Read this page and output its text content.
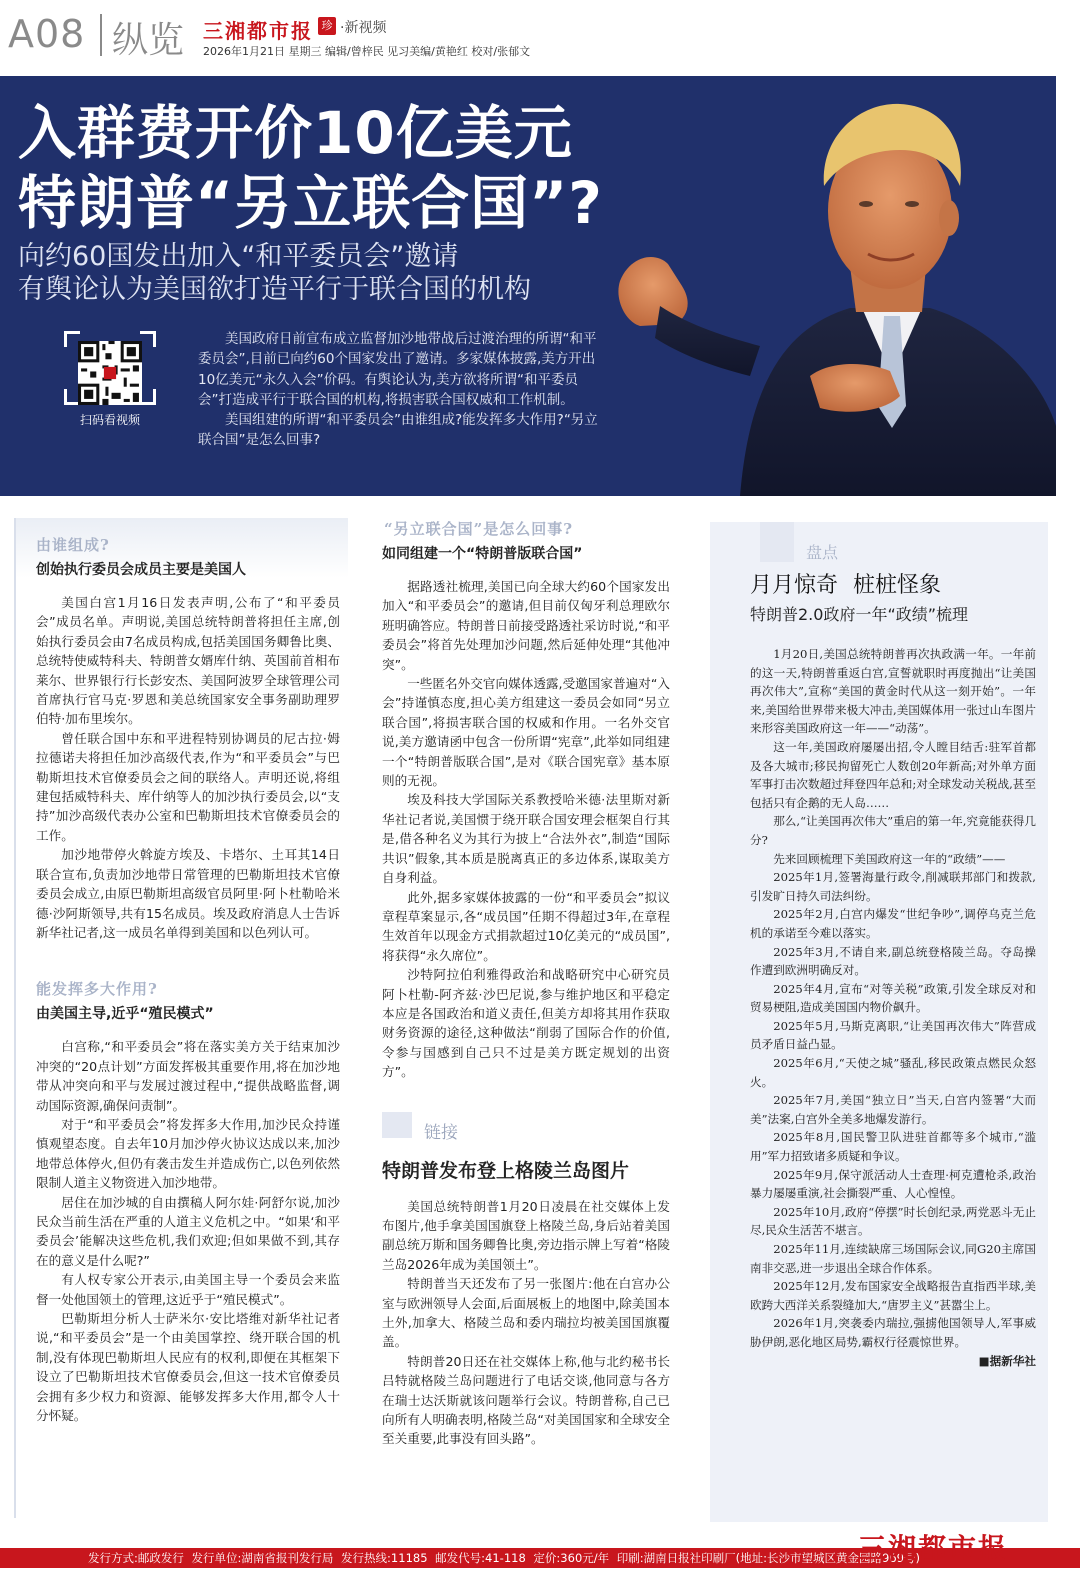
A08 纵览 三湘都市报 珍 ·新视频
2026年1月21日 星期三 编辑/曾梓民 见习美编/黄艳红 校对/张郁文
入群费开价10亿美元
特朗普“另立联合国”?
向约60国发出加入“和平委员会”邀请
有舆论认为美国欲打造平行于联合国的机构
扫码看视频

美国政府日前宣布成立监督加沙地带战后过渡治理的所谓“和平委员会”,目前已向约60个国家发出了邀请。多家媒体披露,美方开出10亿美元“永久入会”价码。有舆论认为,美方欲将所谓“和平委员会”打造成平行于联合国的机构,将损害联合国权威和工作机制。

美国组建的所谓“和平委员会”由谁组成?能发挥多大作用?“另立联合国”是怎么回事?

由谁组成?
创始执行委员会成员主要是美国人

美国白宫1月16日发表声明,公布了“和平委员会”成员名单。声明说,美国总统特朗普将担任主席,创始执行委员会由7名成员构成,包括美国国务卿鲁比奥、总统特使威特科夫、特朗普女婿库什纳、英国前首相布莱尔、世界银行行长彭安杰、美国阿波罗全球管理公司首席执行官马克·罗恩和美总统国家安全事务副助理罗伯特·加布里埃尔。

曾任联合国中东和平进程特别协调员的尼古拉·姆拉德诺夫将担任加沙高级代表,作为“和平委员会”与巴勒斯坦技术官僚委员会之间的联络人。声明还说,将组建包括威特科夫、库什纳等人的加沙执行委员会,以“支持”加沙高级代表办公室和巴勒斯坦技术官僚委员会的工作。

加沙地带停火斡旋方埃及、卡塔尔、土耳其14日联合宣布,负责加沙地带日常管理的巴勒斯坦技术官僚委员会成立,由原巴勒斯坦高级官员阿里·阿卜杜勒哈米德·沙阿斯领导,共有15名成员。埃及政府消息人士告诉新华社记者,这一成员名单得到美国和以色列认可。

能发挥多大作用?
由美国主导,近乎“殖民模式”

白宫称,“和平委员会”将在落实美方关于结束加沙冲突的“20点计划”方面发挥极其重要作用,将在加沙地带从冲突向和平与发展过渡过程中,“提供战略监督,调动国际资源,确保问责制”。

对于“和平委员会”将发挥多大作用,加沙民众持谨慎观望态度。自去年10月加沙停火协议达成以来,加沙地带总体停火,但仍有袭击发生并造成伤亡,以色列依然限制人道主义物资进入加沙地带。

居住在加沙城的自由撰稿人阿尔娃·阿舒尔说,加沙民众当前生活在严重的人道主义危机之中。“如果‘和平委员会’能解决这些危机,我们欢迎;但如果做不到,其存在的意义是什么呢?”

有人权专家公开表示,由美国主导一个委员会来监督一处他国领土的管理,这近乎于“殖民模式”。

巴勒斯坦分析人士萨米尔·安比塔维对新华社记者说,“和平委员会”是一个由美国掌控、绕开联合国的机制,没有体现巴勒斯坦人民应有的权利,即便在其框架下设立了巴勒斯坦技术官僚委员会,但这一技术官僚委员会拥有多少权力和资源、能够发挥多大作用,都令人十分怀疑。

“另立联合国”是怎么回事?
如同组建一个“特朗普版联合国”

据路透社梳理,美国已向全球大约60个国家发出加入“和平委员会”的邀请,但目前仅匈牙利总理欧尔班明确答应。特朗普日前接受路透社采访时说,“和平委员会”将首先处理加沙问题,然后延伸处理“其他冲突”。

一些匿名外交官向媒体透露,受邀国家普遍对“入会”持谨慎态度,担心美方组建这一委员会如同“另立联合国”,将损害联合国的权威和作用。一名外交官说,美方邀请函中包含一份所谓“宪章”,此举如同组建一个“特朗普版联合国”,是对《联合国宪章》基本原则的无视。

埃及科技大学国际关系教授哈米德·法里斯对新华社记者说,美国惯于绕开联合国安理会框架自行其是,借各种名义为其行为披上“合法外衣”,制造“国际共识”假象,其本质是脱离真正的多边体系,谋取美方自身利益。

此外,据多家媒体披露的一份“和平委员会”拟议章程草案显示,各“成员国”任期不得超过3年,在章程生效首年以现金方式捐款超过10亿美元的“成员国”,将获得“永久席位”。

沙特阿拉伯利雅得政治和战略研究中心研究员阿卜杜勒-阿齐兹·沙巴尼说,参与维护地区和平稳定本应是各国政治和道义责任,但美方却将其用作获取财务资源的途径,这种做法“削弱了国际合作的价值,令参与国感到自己只不过是美方既定规划的出资方”。

链接
特朗普发布登上格陵兰岛图片

美国总统特朗普1月20日凌晨在社交媒体上发布图片,他手拿美国国旗登上格陵兰岛,身后站着美国副总统万斯和国务卿鲁比奥,旁边指示牌上写着“格陵兰岛2026年成为美国领土”。

特朗普当天还发布了另一张图片:他在白宫办公室与欧洲领导人会面,后面展板上的地图中,除美国本土外,加拿大、格陵兰岛和委内瑞拉均被美国国旗覆盖。

特朗普20日还在社交媒体上称,他与北约秘书长吕特就格陵兰岛问题进行了电话交谈,他同意与各方在瑞士达沃斯就该问题举行会议。特朗普称,自己已向所有人明确表明,格陵兰岛“对美国国家和全球安全至关重要,此事没有回头路”。

月月惊奇 桩桩怪象
特朗普2.0政府一年“政绩”梳理

1月20日,美国总统特朗普再次执政满一年。一年前的这一天,特朗普重返白宫,宣誓就职时再度抛出“让美国再次伟大”,宣称“美国的黄金时代从这一刻开始”。一年来,美国给世界带来极大冲击,美国媒体用一张过山车图片来形容美国政府这一年——“动荡”。

这一年,美国政府屡屡出招,令人瞠目结舌:驻军首都及各大城市;移民拘留死亡人数创20年新高;对外单方面军事打击次数超过拜登四年总和;对全球发动关税战,甚至包括只有企鹅的无人岛……

那么,“让美国再次伟大”重启的第一年,究竟能获得几分?

先来回顾梳理下美国政府这一年的“政绩”——

2025年1月,签署海量行政令,削减联邦部门和拨款,引发旷日持久司法纠纷。

2025年2月,白宫内爆发“世纪争吵”,调停乌克兰危机的承诺至今难以落实。

2025年3月,不请自来,副总统登格陵兰岛。夺岛操作遭到欧洲明确反对。

2025年4月,宣布“对等关税”政策,引发全球反对和贸易梗阻,造成美国国内物价飙升。

2025年5月,马斯克离职,“让美国再次伟大”阵营成员矛盾日益凸显。

2025年6月,“天使之城”骚乱,移民政策点燃民众怒火。

2025年7月,美国“独立日”当天,白宫内签署“大而美”法案,白宫外全美多地爆发游行。

2025年8月,国民警卫队进驻首都等多个城市,“滥用”军力招致诸多质疑和争议。

2025年9月,保守派活动人士查理·柯克遭枪杀,政治暴力屡屡重演,社会撕裂严重、人心惶惶。

2025年10月,政府“停摆”时长创纪录,两党恶斗无止尽,民众生活苦不堪言。

2025年11月,连续缺席三场国际会议,同G20主席国南非交恶,进一步退出全球合作体系。

2025年12月,发布国家安全战略报告直指西半球,美欧跨大西洋关系裂缝加大,“唐罗主义”甚嚣尘上。

2026年1月,突袭委内瑞拉,强掳他国领导人,军事威胁伊朗,恶化地区局势,霸权行径震惊世界。

■据新华社

盘点
发行方式:邮政发行 发行单位:湖南省报刊发行局 发行热线:11185 邮发代号:41-118 定价:360元/年 印刷:湖南日报社印刷厂(地址:长沙市望城区黄金园路969号)
三湘都市报
